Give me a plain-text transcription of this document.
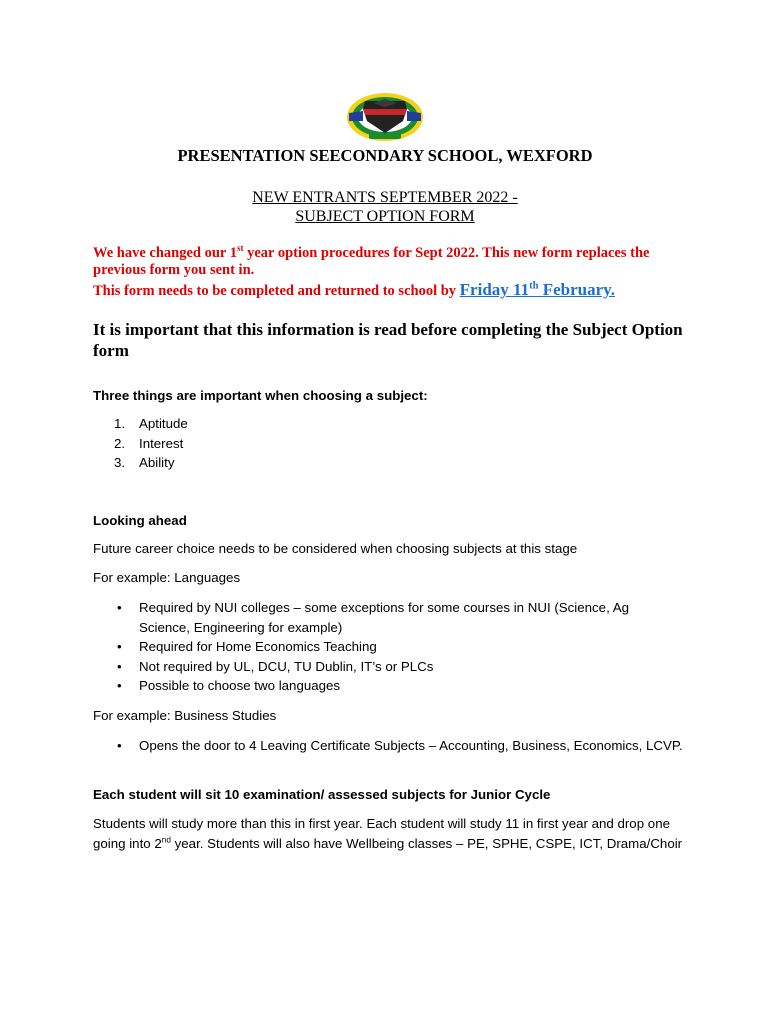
PRESENTATION SEECONDARY SCHOOL, WEXFORD
NEW ENTRANTS SEPTEMBER 2022 -
SUBJECT OPTION FORM
We have changed our 1st year option procedures for Sept 2022. This new form replaces the previous form you sent in.
This form needs to be completed and returned to school by Friday 11th February.
It is important that this information is read before completing the Subject Option form
Three things are important when choosing a subject:
1. Aptitude
2. Interest
3. Ability
Looking ahead
Future career choice needs to be considered when choosing subjects at this stage
For example: Languages
• Required by NUI colleges – some exceptions for some courses in NUI (Science, Ag Science, Engineering for example)
• Required for Home Economics Teaching
• Not required by UL, DCU, TU Dublin, IT’s or PLCs
• Possible to choose two languages
For example: Business Studies
• Opens the door to 4 Leaving Certificate Subjects – Accounting, Business, Economics, LCVP.
Each student will sit 10 examination/ assessed subjects for Junior Cycle
Students will study more than this in first year. Each student will study 11 in first year and drop one going into 2nd year. Students will also have Wellbeing classes – PE, SPHE, CSPE, ICT, Drama/Choir
